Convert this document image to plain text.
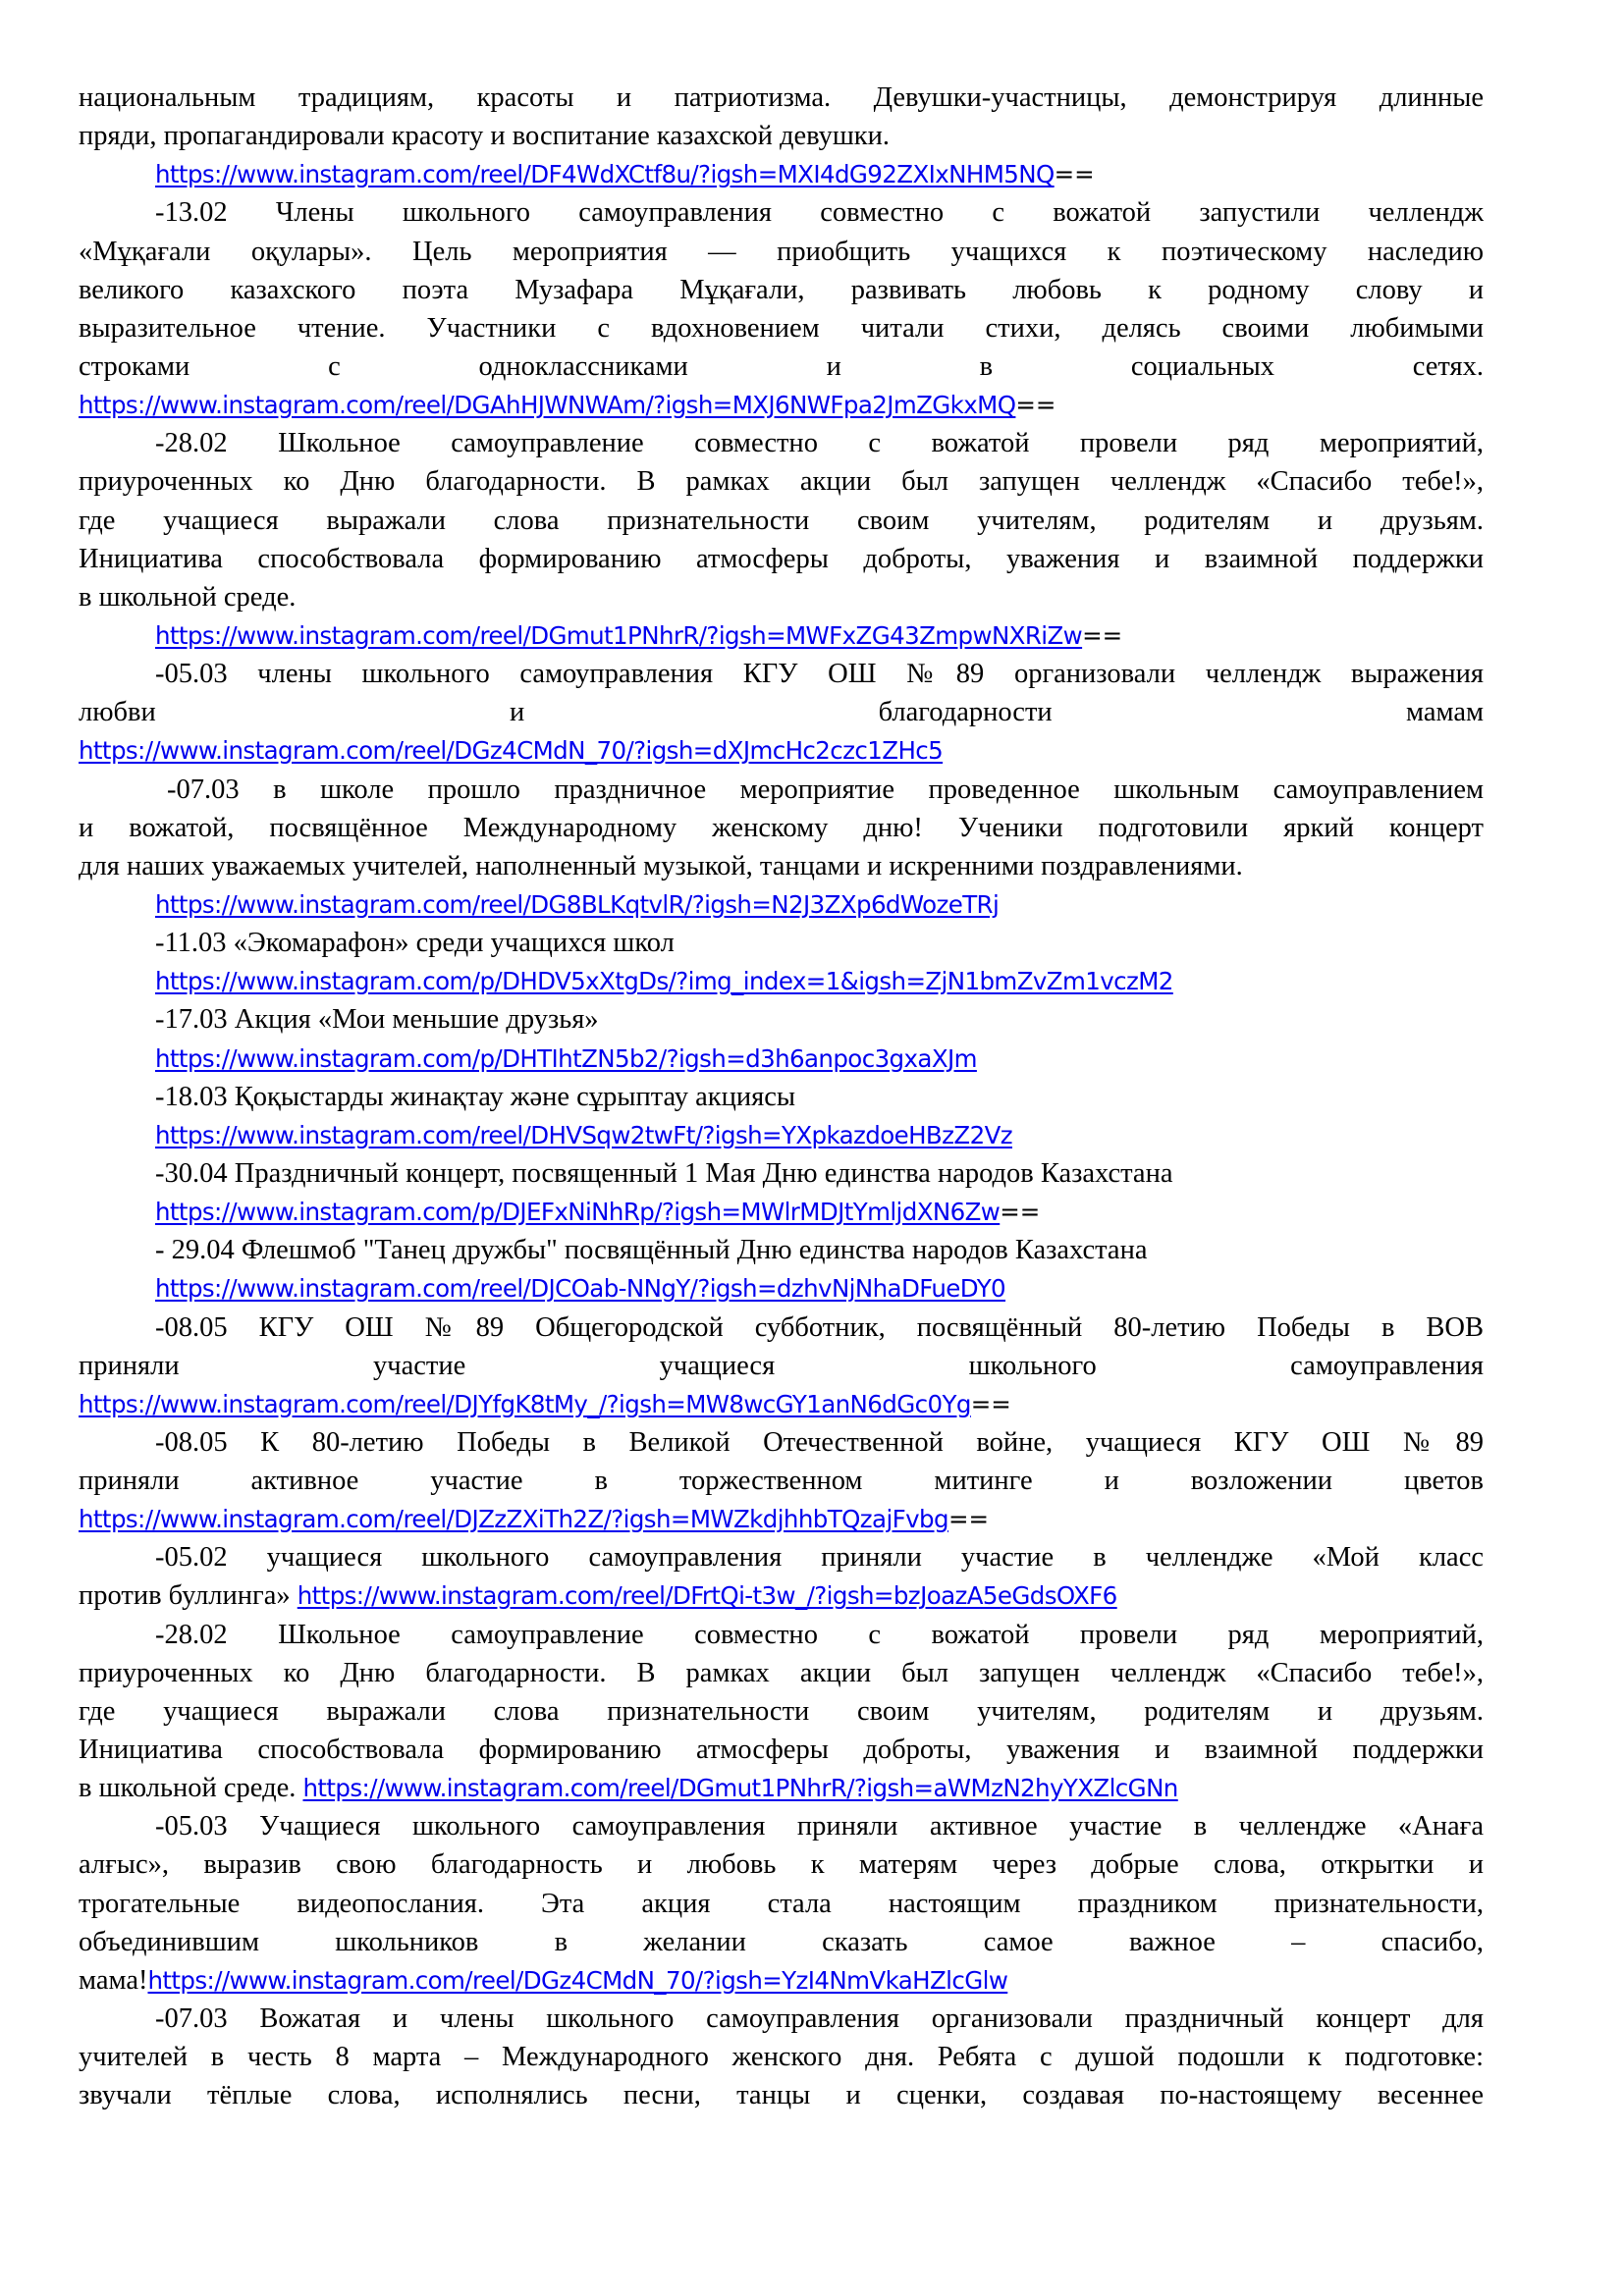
национальным традициям, красоты и патриотизма. Девушки-участницы, демонстрируя длинные
пряди, пропагандировали красоту и воспитание казахской девушки.
https://www.instagram.com/reel/DF4WdXCtf8u/?igsh=MXI4dG92ZXIxNHM5NQ==
-13.02 Члены школьного самоуправления совместно с вожатой запустили челлендж
«Мұқағали оқулары». Цель мероприятия — приобщить учащихся к поэтическому наследию
великого казахского поэта Музафара Мұқағали, развивать любовь к родному слову и
выразительное чтение. Участники с вдохновением читали стихи, делясь своими любимыми
строками с одноклассниками и в социальных сетях.
https://www.instagram.com/reel/DGAhHJWNWAm/?igsh=MXJ6NWFpa2JmZGkxMQ==
-28.02 Школьное самоуправление совместно с вожатой провели ряд мероприятий,
приуроченных ко Дню благодарности. В рамках акции был запущен челлендж «Спасибо тебе!»,
где учащиеся выражали слова признательности своим учителям, родителям и друзьям.
Инициатива способствовала формированию атмосферы доброты, уважения и взаимной поддержки
в школьной среде.
https://www.instagram.com/reel/DGmut1PNhrR/?igsh=MWFxZG43ZmpwNXRiZw==
-05.03 члены школьного самоуправления КГУ ОШ №89 организовали челлендж выражения
любви и благодарности мамам
https://www.instagram.com/reel/DGz4CMdN_70/?igsh=dXJmcHc2czc1ZHc5
-07.03 в школе прошло праздничное мероприятие проведенное школьным самоуправлением
и вожатой, посвящённое Международному женскому дню! Ученики подготовили яркий концерт
для наших уважаемых учителей, наполненный музыкой, танцами и искренними поздравлениями.
https://www.instagram.com/reel/DG8BLKqtvlR/?igsh=N2J3ZXp6dWozeTRj
-11.03 «Экомарафон» среди учащихся школ
https://www.instagram.com/p/DHDV5xXtgDs/?img_index=1&igsh=ZjN1bmZvZm1vczM2
-17.03 Акция «Мои меньшие друзья»
https://www.instagram.com/p/DHTIhtZN5b2/?igsh=d3h6anpoc3gxaXJm
-18.03 Қоқыстарды жинақтау және сұрыптау акциясы
https://www.instagram.com/reel/DHVSqw2twFt/?igsh=YXpkazdoeHBzZ2Vz
-30.04 Праздничный концерт, посвященный 1 Мая Дню единства народов Казахстана
https://www.instagram.com/p/DJEFxNiNhRp/?igsh=MWlrMDJtYmljdXN6Zw==
- 29.04 Флешмоб "Танец дружбы" посвящённый Дню единства народов Казахстана
https://www.instagram.com/reel/DJCOab-NNgY/?igsh=dzhvNjNhaDFueDY0
-08.05 КГУ ОШ №89 Общегородской субботник, посвящённый 80-летию Победы в ВОВ
приняли участие учащиеся школьного самоуправления
https://www.instagram.com/reel/DJYfgK8tMy_/?igsh=MW8wcGY1anN6dGc0Yg==
-08.05 К 80-летию Победы в Великой Отечественной войне, учащиеся КГУ ОШ №89
приняли активное участие в торжественном митинге и возложении цветов
https://www.instagram.com/reel/DJZzZXiTh2Z/?igsh=MWZkdjhhbTQzajFvbg==
-05.02 учащиеся школьного самоуправления приняли участие в челлендже «Мой класс
против буллинга» https://www.instagram.com/reel/DFrtQi-t3w_/?igsh=bzJoazA5eGdsOXF6
-28.02 Школьное самоуправление совместно с вожатой провели ряд мероприятий,
приуроченных ко Дню благодарности. В рамках акции был запущен челлендж «Спасибо тебе!»,
где учащиеся выражали слова признательности своим учителям, родителям и друзьям.
Инициатива способствовала формированию атмосферы доброты, уважения и взаимной поддержки
в школьной среде. https://www.instagram.com/reel/DGmut1PNhrR/?igsh=aWMzN2hyYXZlcGNn
-05.03 Учащиеся школьного самоуправления приняли активное участие в челлендже «Анаға
алғыс», выразив свою благодарность и любовь к матерям через добрые слова, открытки и
трогательные видеопослания. Эта акция стала настоящим праздником признательности,
объединившим школьников в желании сказать самое важное – спасибо,
мама!https://www.instagram.com/reel/DGz4CMdN_70/?igsh=YzI4NmVkaHZlcGlw
-07.03 Вожатая и члены школьного самоуправления организовали праздничный концерт для
учителей в честь 8 марта – Международного женского дня. Ребята с душой подошли к подготовке:
звучали тёплые слова, исполнялись песни, танцы и сценки, создавая по-настоящему весеннее
